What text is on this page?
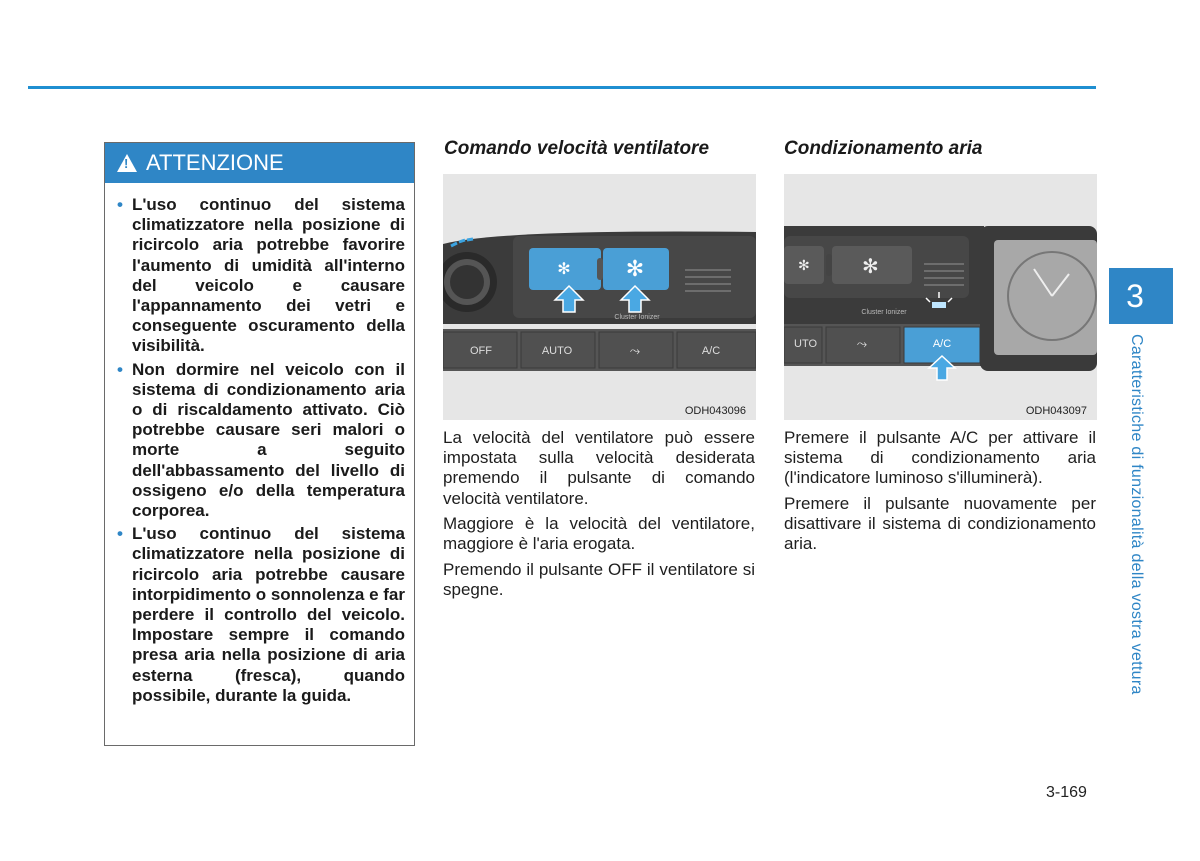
! ATTENZIONE
• L'uso continuo del sistema climatizzatore nella posizione di ricircolo aria potrebbe favorire l'aumento di umidità all'interno del veicolo e causare l'appannamento dei vetri e conseguente oscuramento della visibilità.
• Non dormire nel veicolo con il sistema di condizionamento aria o di riscaldamento attivato. Ciò potrebbe causare seri malori o morte a seguito dell'abbassamento del livello di ossigeno e/o della temperatura corporea.
• L'uso continuo del sistema climatizzatore nella posizione di ricircolo aria potrebbe causare intorpidimento o sonnolenza e far perdere il controllo del veicolo. Impostare sempre il comando presa aria nella posizione di aria esterna (fresca), quando possibile, durante la guida.
Comando velocità ventilatore
✻	✻
Cluster Ionizer
OFF	AUTO	⤳	A/C
ODH043096

La velocità del ventilatore può essere impostata sulla velocità desiderata premendo il pulsante di comando velocità ventilatore.

Maggiore è la velocità del ventilatore, maggiore è l'aria erogata.

Premendo il pulsante OFF il ventilatore si spegne.

Condizionamento aria
✻	✻
Cluster Ionizer
UTO	⤳	A/C
ODH043097

Premere il pulsante A/C per attivare il sistema di condizionamento aria (l'indicatore luminoso s'illuminerà).

Premere il pulsante nuovamente per disattivare il sistema di condizionamento aria.

3
Caratteristiche di funzionalità della vostra vettura
3-169
